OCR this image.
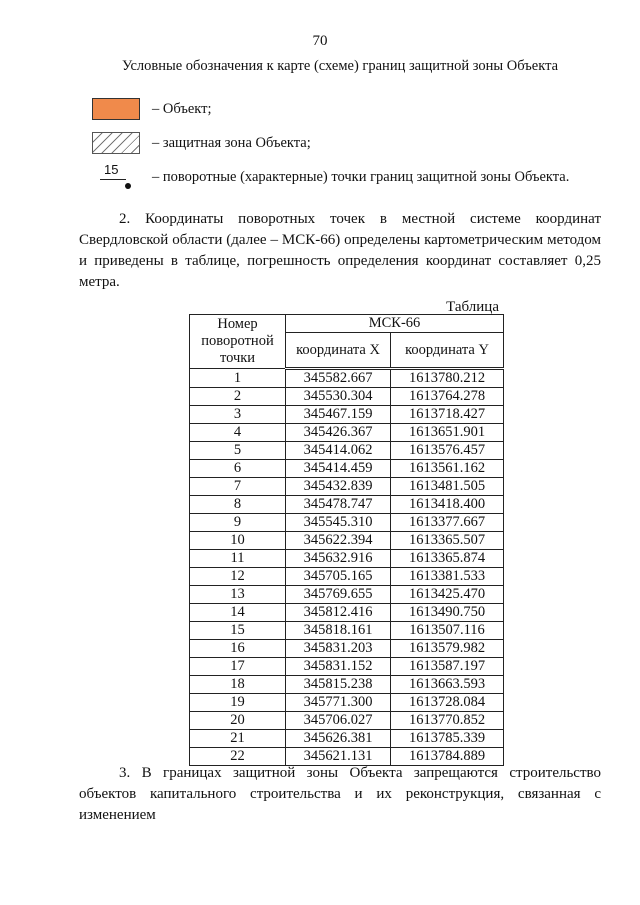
70
Условные обозначения к карте (схеме) границ защитной зоны Объекта
– Объект;
– защитная зона Объекта;
15 – поворотные (характерные) точки границ защитной зоны Объекта.
2. Координаты поворотных точек в местной системе координат Свердловской области (далее – МСК-66) определены картометрическим методом и приведены в таблице, погрешность определения координат составляет 0,25 метра.
Таблица
Номер поворотной точки	МСК-66	
	координата X	координата Y
1	345582.667	1613780.212
2	345530.304	1613764.278
3	345467.159	1613718.427
4	345426.367	1613651.901
5	345414.062	1613576.457
6	345414.459	1613561.162
7	345432.839	1613481.505
8	345478.747	1613418.400
9	345545.310	1613377.667
10	345622.394	1613365.507
11	345632.916	1613365.874
12	345705.165	1613381.533
13	345769.655	1613425.470
14	345812.416	1613490.750
15	345818.161	1613507.116
16	345831.203	1613579.982
17	345831.152	1613587.197
18	345815.238	1613663.593
19	345771.300	1613728.084
20	345706.027	1613770.852
21	345626.381	1613785.339
22	345621.131	1613784.889
3. В границах защитной зоны Объекта запрещаются строительство объектов капитального строительства и их реконструкция, связанная с изменением
